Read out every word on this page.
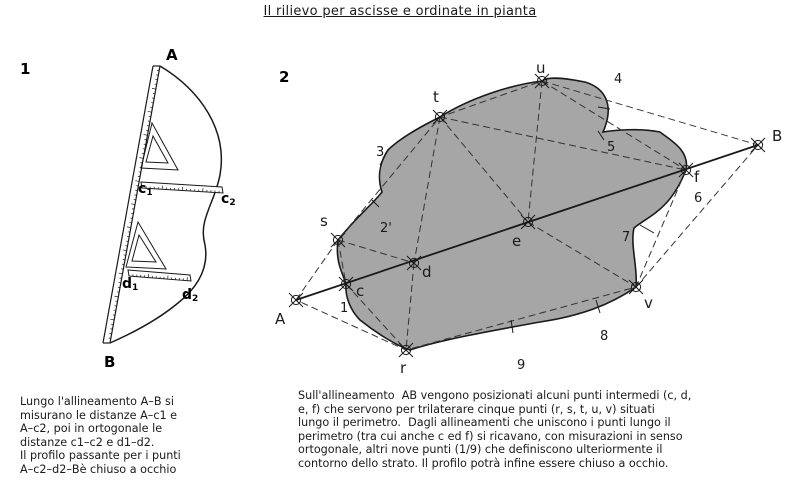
Il rilievo per ascisse e ordinate in pianta
1
A
B
c1	c2
d1	d2
2
A
B
c
d
e
f
r
s
t
u
v
1
2'
3
4
5
6
7
8
9
Lungo l'allineamento A–B si
misurano le distanze A–c1 e
A–c2, poi in ortogonale le
distanze c1–c2 e d1–d2.
Il profilo passante per i punti
A–c2–d2–Bè chiuso a occhio
Sull'allineamento  AB vengono posizionati alcuni punti intermedi (c, d,
e, f) che servono per trilaterare cinque punti (r, s, t, u, v) situati
lungo il perimetro.  Dagli allineamenti che uniscono i punti lungo il
perimetro (tra cui anche c ed f) si ricavano, con misurazioni in senso
ortogonale, altri nove punti (1/9) che definiscono ulteriormente il
contorno dello strato. Il profilo potrà infine essere chiuso a occhio.
